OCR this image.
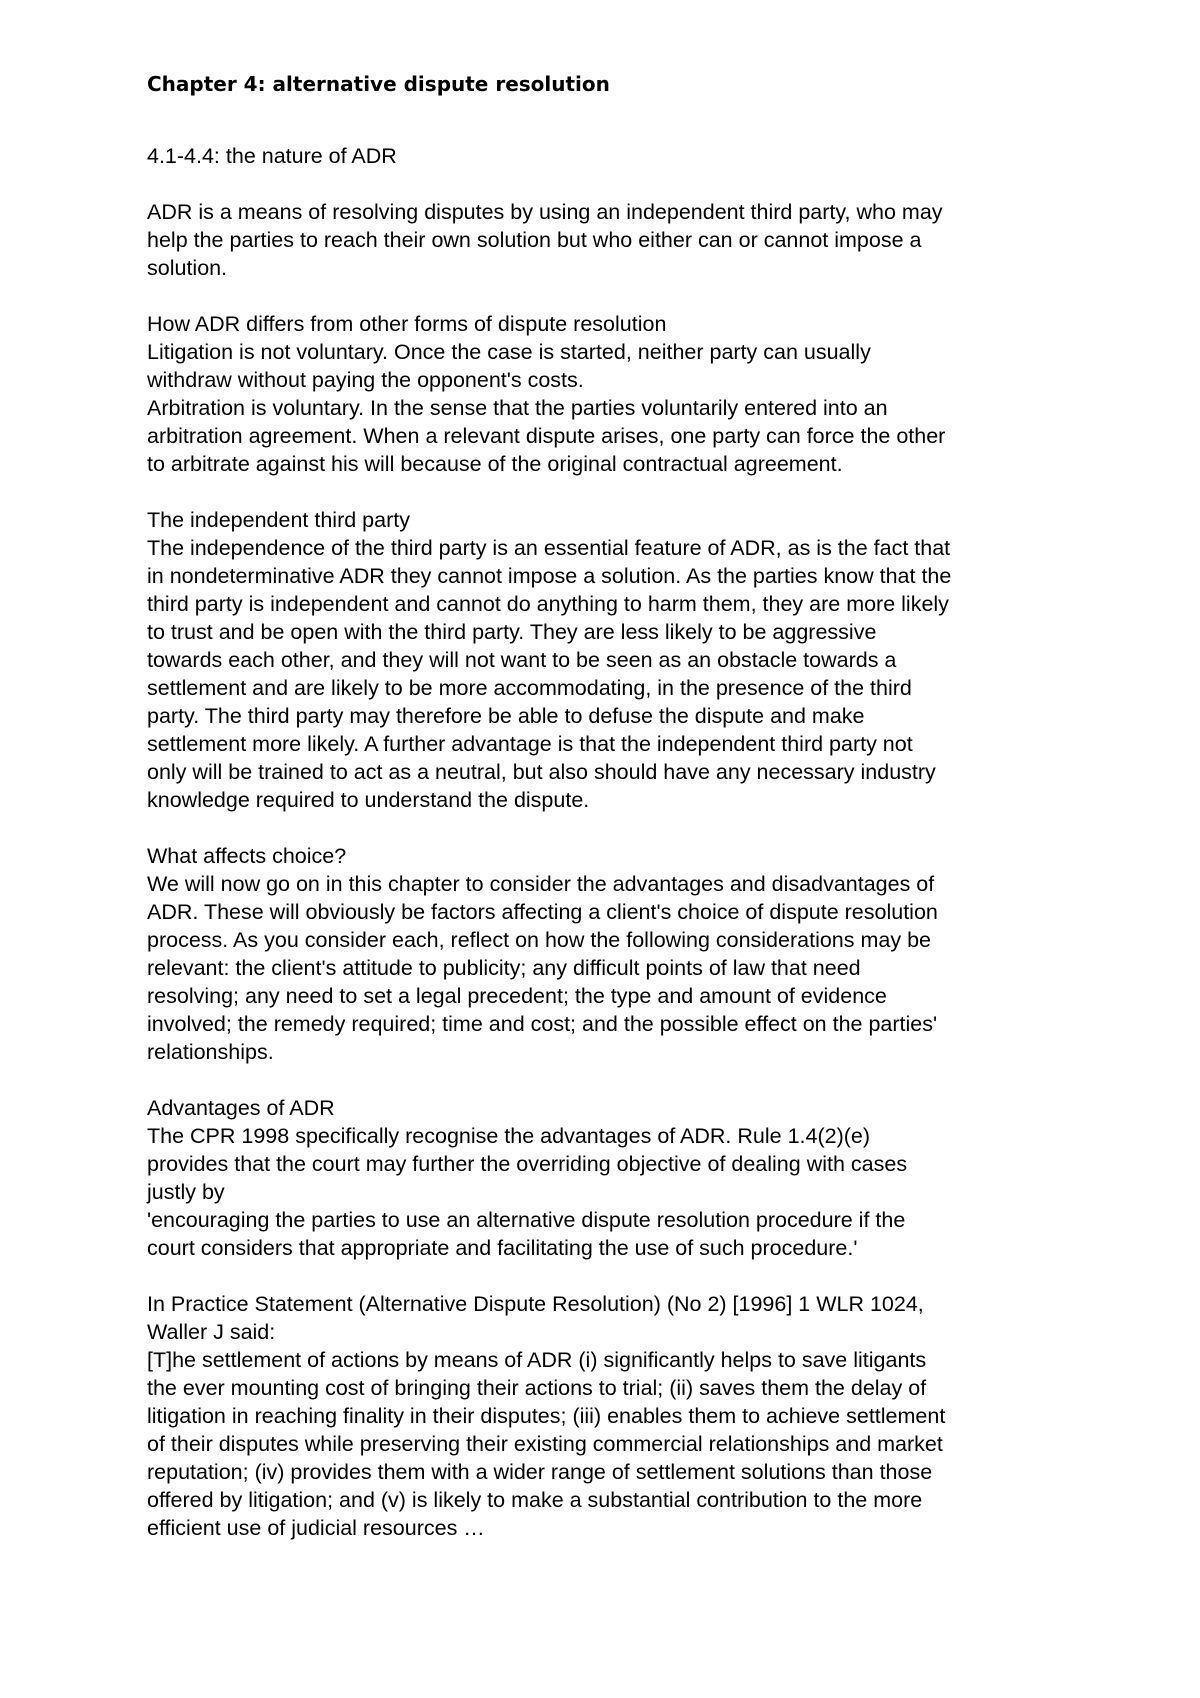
Chapter 4: alternative dispute resolution
4.1-4.4: the nature of ADR
ADR is a means of resolving disputes by using an independent third party, who may
help the parties to reach their own solution but who either can or cannot impose a
solution.
How ADR differs from other forms of dispute resolution
Litigation is not voluntary. Once the case is started, neither party can usually
withdraw without paying the opponent's costs.
Arbitration is voluntary. In the sense that the parties voluntarily entered into an
arbitration agreement. When a relevant dispute arises, one party can force the other
to arbitrate against his will because of the original contractual agreement.
The independent third party
The independence of the third party is an essential feature of ADR, as is the fact that
in nondeterminative ADR they cannot impose a solution. As the parties know that the
third party is independent and cannot do anything to harm them, they are more likely
to trust and be open with the third party. They are less likely to be aggressive
towards each other, and they will not want to be seen as an obstacle towards a
settlement and are likely to be more accommodating, in the presence of the third
party. The third party may therefore be able to defuse the dispute and make
settlement more likely. A further advantage is that the independent third party not
only will be trained to act as a neutral, but also should have any necessary industry
knowledge required to understand the dispute.
What affects choice?
We will now go on in this chapter to consider the advantages and disadvantages of
ADR. These will obviously be factors affecting a client's choice of dispute resolution
process. As you consider each, reflect on how the following considerations may be
relevant: the client's attitude to publicity; any difficult points of law that need
resolving; any need to set a legal precedent; the type and amount of evidence
involved; the remedy required; time and cost; and the possible effect on the parties'
relationships.
Advantages of ADR
The CPR 1998 specifically recognise the advantages of ADR. Rule 1.4(2)(e)
provides that the court may further the overriding objective of dealing with cases
justly by
'encouraging the parties to use an alternative dispute resolution procedure if the
court considers that appropriate and facilitating the use of such procedure.'
In Practice Statement (Alternative Dispute Resolution) (No 2) [1996] 1 WLR 1024,
Waller J said:
[T]he settlement of actions by means of ADR (i) significantly helps to save litigants
the ever mounting cost of bringing their actions to trial; (ii) saves them the delay of
litigation in reaching finality in their disputes; (iii) enables them to achieve settlement
of their disputes while preserving their existing commercial relationships and market
reputation; (iv) provides them with a wider range of settlement solutions than those
offered by litigation; and (v) is likely to make a substantial contribution to the more
efficient use of judicial resources …
